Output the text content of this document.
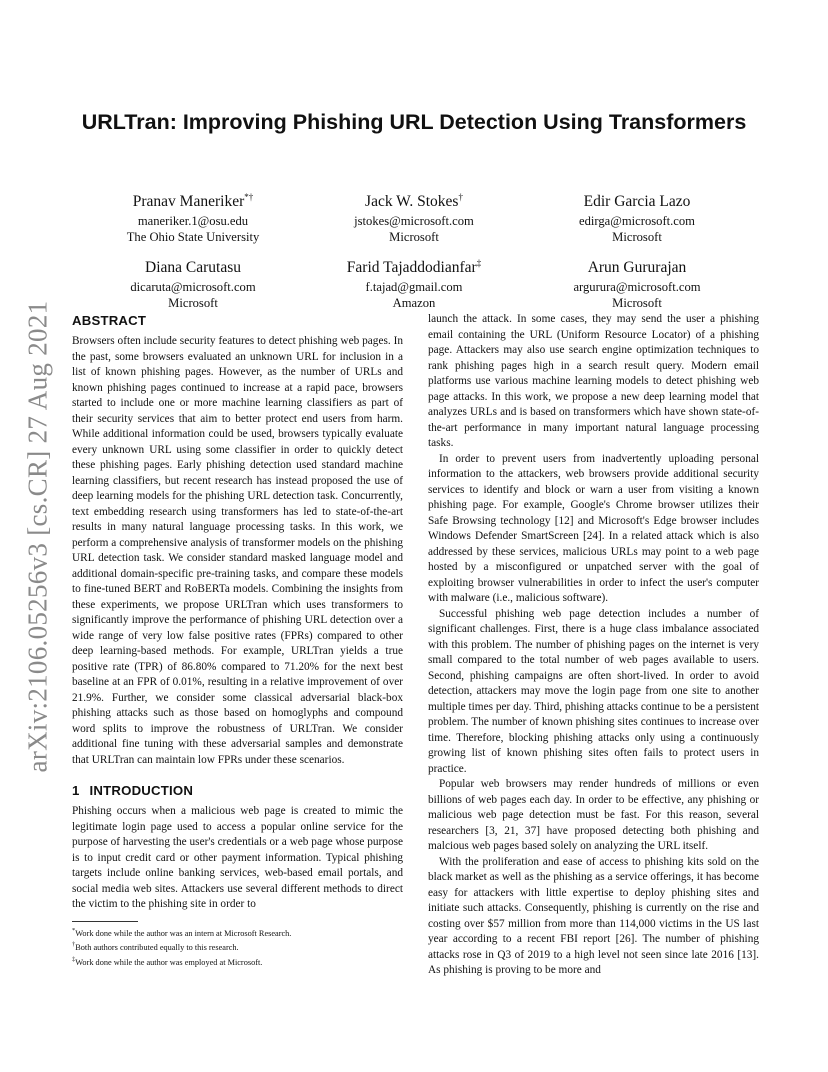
arXiv:2106.05256v3 [cs.CR] 27 Aug 2021
URLTran: Improving Phishing URL Detection Using Transformers
Pranav Maneriker*†
maneriker.1@osu.edu
The Ohio State University
Jack W. Stokes†
jstokes@microsoft.com
Microsoft
Edir Garcia Lazo
edirga@microsoft.com
Microsoft
Diana Carutasu
dicaruta@microsoft.com
Microsoft
Farid Tajaddodianfar‡
f.tajad@gmail.com
Amazon
Arun Gururajan
argurura@microsoft.com
Microsoft
ABSTRACT

Browsers often include security features to detect phishing web pages. In the past, some browsers evaluated an unknown URL for inclusion in a list of known phishing pages. However, as the number of URLs and known phishing pages continued to increase at a rapid pace, browsers started to include one or more machine learning classifiers as part of their security services that aim to better protect end users from harm. While additional information could be used, browsers typically evaluate every unknown URL using some classifier in order to quickly detect these phishing pages. Early phishing detection used standard machine learning classifiers, but recent research has instead proposed the use of deep learning models for the phishing URL detection task. Concurrently, text embedding research using transformers has led to state-of-the-art results in many natural language processing tasks. In this work, we perform a comprehensive analysis of transformer models on the phishing URL detection task. We consider standard masked language model and additional domain-specific pre-training tasks, and compare these models to fine-tuned BERT and RoBERTa models. Combining the insights from these experiments, we propose URLTran which uses transformers to significantly improve the performance of phishing URL detection over a wide range of very low false positive rates (FPRs) compared to other deep learning-based methods. For example, URLTran yields a true positive rate (TPR) of 86.80% compared to 71.20% for the next best baseline at an FPR of 0.01%, resulting in a relative improvement of over 21.9%. Further, we consider some classical adversarial black-box phishing attacks such as those based on homoglyphs and compound word splits to improve the robustness of URLTran. We consider additional fine tuning with these adversarial samples and demonstrate that URLTran can maintain low FPRs under these scenarios.

1 INTRODUCTION

Phishing occurs when a malicious web page is created to mimic the legitimate login page used to access a popular online service for the purpose of harvesting the user's credentials or a web page whose purpose is to input credit card or other payment information. Typical phishing targets include online banking services, web-based email portals, and social media web sites. Attackers use several different methods to direct the victim to the phishing site in order to

*Work done while the author was an intern at Microsoft Research.
†Both authors contributed equally to this research.
‡Work done while the author was employed at Microsoft.

launch the attack. In some cases, they may send the user a phishing email containing the URL (Uniform Resource Locator) of a phishing page. Attackers may also use search engine optimization techniques to rank phishing pages high in a search result query. Modern email platforms use various machine learning models to detect phishing web page attacks. In this work, we propose a new deep learning model that analyzes URLs and is based on transformers which have shown state-of-the-art performance in many important natural language processing tasks.

In order to prevent users from inadvertently uploading personal information to the attackers, web browsers provide additional security services to identify and block or warn a user from visiting a known phishing page. For example, Google's Chrome browser utilizes their Safe Browsing technology [12] and Microsoft's Edge browser includes Windows Defender SmartScreen [24]. In a related attack which is also addressed by these services, malicious URLs may point to a web page hosted by a misconfigured or unpatched server with the goal of exploiting browser vulnerabilities in order to infect the user's computer with malware (i.e., malicious software).

Successful phishing web page detection includes a number of significant challenges. First, there is a huge class imbalance associated with this problem. The number of phishing pages on the internet is very small compared to the total number of web pages available to users. Second, phishing campaigns are often short-lived. In order to avoid detection, attackers may move the login page from one site to another multiple times per day. Third, phishing attacks continue to be a persistent problem. The number of known phishing sites continues to increase over time. Therefore, blocking phishing attacks only using a continuously growing list of known phishing sites often fails to protect users in practice.

Popular web browsers may render hundreds of millions or even billions of web pages each day. In order to be effective, any phishing or malicious web page detection must be fast. For this reason, several researchers [3, 21, 37] have proposed detecting both phishing and malcious web pages based solely on analyzing the URL itself.

With the proliferation and ease of access to phishing kits sold on the black market as well as the phishing as a service offerings, it has become easy for attackers with little expertise to deploy phishing sites and initiate such attacks. Consequently, phishing is currently on the rise and costing over $57 million from more than 114,000 victims in the US last year according to a recent FBI report [26]. The number of phishing attacks rose in Q3 of 2019 to a high level not seen since late 2016 [13]. As phishing is proving to be more and
